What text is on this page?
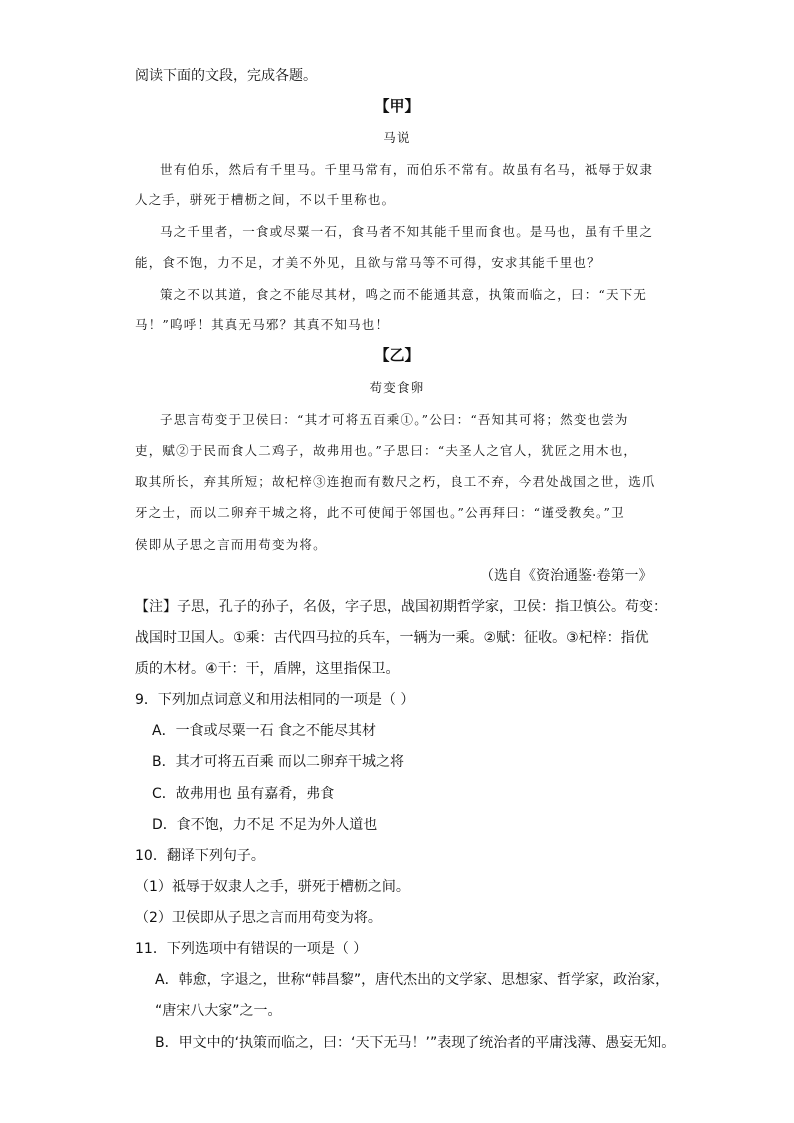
阅读下面的文段，完成各题。
【甲】
马说
世有伯乐，然后有千里马。千里马常有，而伯乐不常有。故虽有名马，祗辱于奴隶
人之手，骈死于槽枥之间，不以千里称也。
马之千里者，一食或尽粟一石，食马者不知其能千里而食也。是马也，虽有千里之
能，食不饱，力不足，才美不外见，且欲与常马等不可得，安求其能千里也？
策之不以其道，食之不能尽其材，鸣之而不能通其意，执策而临之，曰：“天下无
马！”呜呼！其真无马邪？其真不知马也！
【乙】
苟变食卵
子思言苟变于卫侯曰：“其才可将五百乘①。”公曰：“吾知其可将；然变也尝为
吏，赋②于民而食人二鸡子，故弗用也。”子思曰：“夫圣人之官人，犹匠之用木也，
取其所长，弃其所短；故杞梓③连抱而有数尺之朽，良工不弃，今君处战国之世，选爪
牙之士，而以二卵弃干城之将，此不可使闻于邻国也。”公再拜曰：“谨受教矣。”卫
侯即从子思之言而用苟变为将。
（选自《资治通鉴·卷第一》
【注】子思，孔子的孙子，名伋，字子思，战国初期哲学家，卫侯：指卫慎公。苟变：
战国时卫国人。①乘：古代四马拉的兵车，一辆为一乘。②赋：征收。③杞梓：指优
质的木材。④干：干，盾牌，这里指保卫。
9．下列加点词意义和用法相同的一项是（ ）
A．一食或尽粟一石 食之不能尽其材
B．其才可将五百乘 而以二卵弃干城之将
C．故弗用也 虽有嘉肴，弗食
D．食不饱，力不足 不足为外人道也
10．翻译下列句子。
（1）祗辱于奴隶人之手，骈死于槽枥之间。
（2）卫侯即从子思之言而用苟变为将。
11．下列选项中有错误的一项是（ ）
A．韩愈，字退之，世称“韩昌黎”，唐代杰出的文学家、思想家、哲学家，政治家，
“唐宋八大家”之一。
B．甲文中的‘执策而临之，曰：‘天下无马！’”表现了统治者的平庸浅薄、愚妄无知。
